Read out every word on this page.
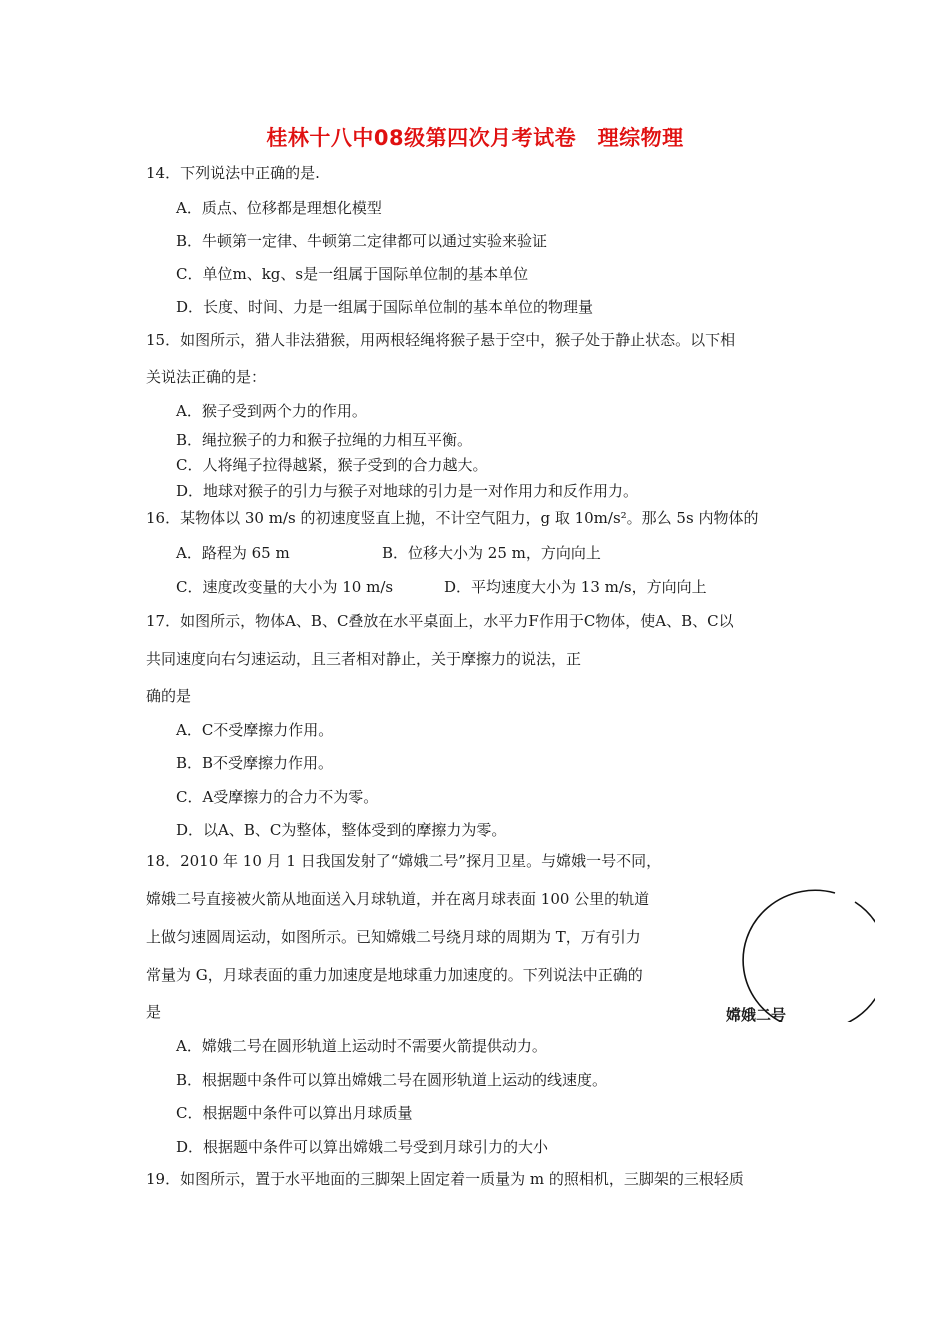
桂林十八中08级第四次月考试卷　理综物理
14．下列说法中正确的是.
A．质点、位移都是理想化模型
B．牛顿第一定律、牛顿第二定律都可以通过实验来验证
C．单位m、kg、s是一组属于国际单位制的基本单位
D．长度、时间、力是一组属于国际单位制的基本单位的物理量
15．如图所示，猎人非法猎猴，用两根轻绳将猴子悬于空中，猴子处于静止状态。以下相
关说法正确的是：
A．猴子受到两个力的作用。
B．绳拉猴子的力和猴子拉绳的力相互平衡。
C．人将绳子拉得越紧，猴子受到的合力越大。
D．地球对猴子的引力与猴子对地球的引力是一对作用力和反作用力。
16．某物体以 30 m/s 的初速度竖直上抛，不计空气阻力，g 取 10m/s²。那么 5s 内物体的
A．路程为 65 m	B．位移大小为 25 m，方向向上
C．速度改变量的大小为 10 m/s	D．平均速度大小为 13 m/s，方向向上
17．如图所示，物体A、B、C叠放在水平桌面上，水平力F作用于C物体，使A、B、C以
共同速度向右匀速运动，且三者相对静止，关于摩擦力的说法，正
确的是
A．C不受摩擦力作用。
B．B不受摩擦力作用。
C．A受摩擦力的合力不为零。
D．以A、B、C为整体，整体受到的摩擦力为零。
18．2010 年 10 月 1 日我国发射了“嫦娥二号”探月卫星。与嫦娥一号不同，
嫦娥二号直接被火箭从地面送入月球轨道，并在离月球表面 100 公里的轨道
上做匀速圆周运动，如图所示。已知嫦娥二号绕月球的周期为 T，万有引力
常量为 G，月球表面的重力加速度是地球重力加速度的。下列说法中正确的
是	嫦娥二号
A．嫦娥二号在圆形轨道上运动时不需要火箭提供动力。
B．根据题中条件可以算出嫦娥二号在圆形轨道上运动的线速度。
C．根据题中条件可以算出月球质量
D．根据题中条件可以算出嫦娥二号受到月球引力的大小
19．如图所示，置于水平地面的三脚架上固定着一质量为 m 的照相机，三脚架的三根轻质
